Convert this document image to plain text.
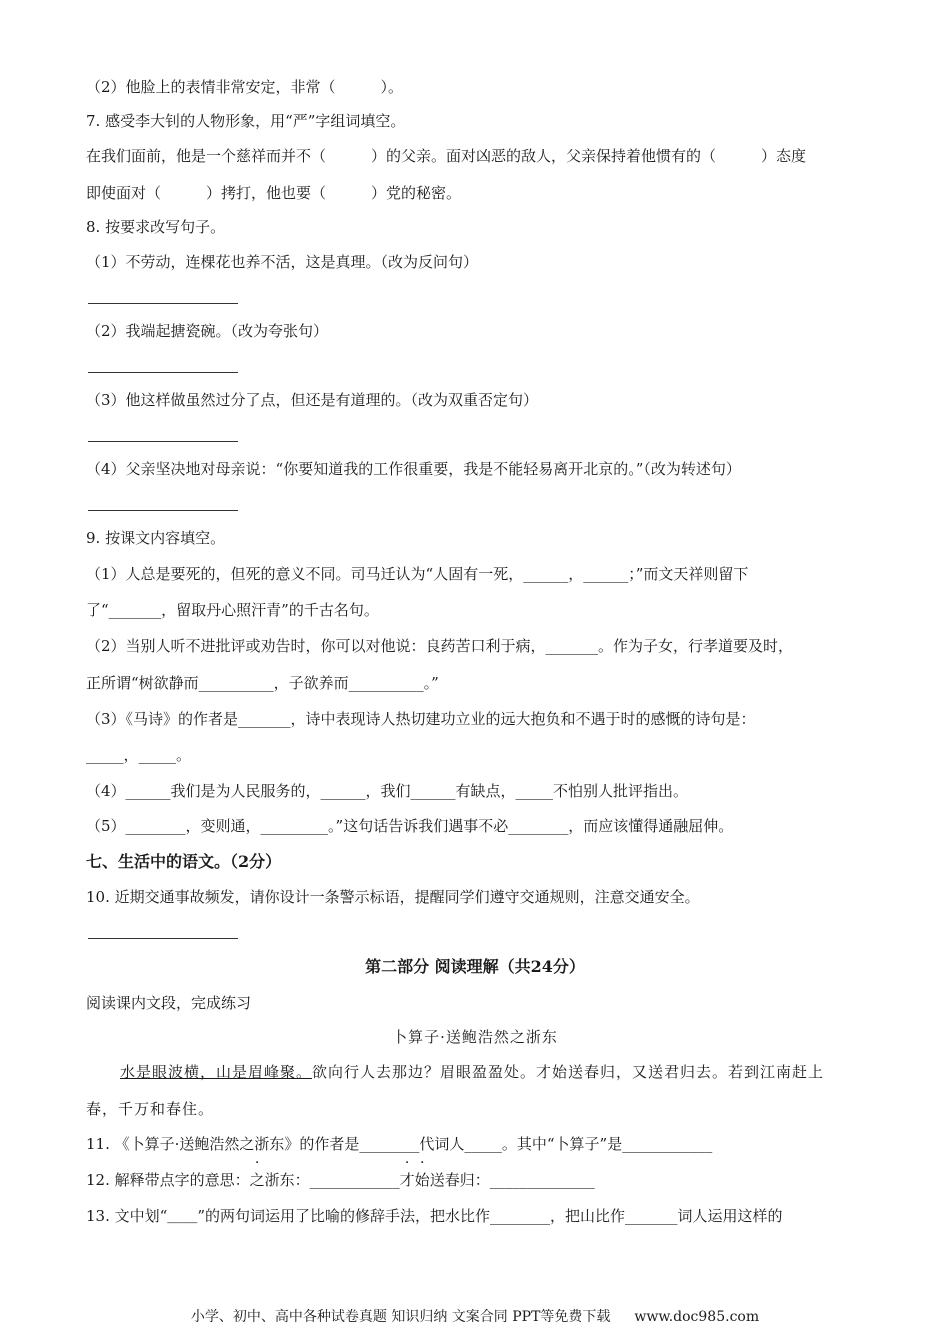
（2）他脸上的表情非常安定，非常（　　　）。
7. 感受李大钊的人物形象，用“严”字组词填空。
在我们面前，他是一个慈祥而并不（　　　）的父亲。面对凶恶的敌人，父亲保持着他惯有的（　　　）态度
即使面对（　　　）拷打，他也要（　　　）党的秘密。
8. 按要求改写句子。
（1）不劳动，连棵花也养不活，这是真理。（改为反问句）
（2）我端起搪瓷碗。（改为夸张句）
（3）他这样做虽然过分了点，但还是有道理的。（改为双重否定句）
（4）父亲坚决地对母亲说：“你要知道我的工作很重要，我是不能轻易离开北京的。”（改为转述句）
9. 按课文内容填空。
（1）人总是要死的，但死的意义不同。司马迁认为“人固有一死，______，______；”而文天祥则留下
了“_______，留取丹心照汗青”的千古名句。
（2）当别人听不进批评或劝告时，你可以对他说：良药苦口利于病，_______。作为子女，行孝道要及时，
正所谓“树欲静而__________，子欲养而__________。”
（3）《马诗》的作者是_______，诗中表现诗人热切建功立业的远大抱负和不遇于时的感慨的诗句是：
_____，_____。
（4）______我们是为人民服务的，______，我们______有缺点，_____不怕别人批评指出。
（5）________，变则通，_________。”这句话告诉我们遇事不必________，而应该懂得通融屈伸。
七、生活中的语文。（2分）
10. 近期交通事故频发，请你设计一条警示标语，提醒同学们遵守交通规则，注意交通安全。
第二部分 阅读理解（共24分）
阅读课内文段，完成练习
卜算子·送鲍浩然之浙东
水是眼波横，山是眉峰聚。欲向行人去那边？眉眼盈盈处。才始送春归，又送君归去。若到江南赶上
春，千万和春住。
11. 《卜算子·送鲍浩然之浙东》的作者是________代词人_____。其中“卜算子”是____________
12. 解释带点字的意思：之浙东：____________才始送春归：______________
13. 文中划“＿＿”的两句词运用了比喻的修辞手法，把水比作________，把山比作_______词人运用这样的
小学、初中、高中各种试卷真题 知识归纳 文案合同 PPT等免费下载 www.doc985.com
